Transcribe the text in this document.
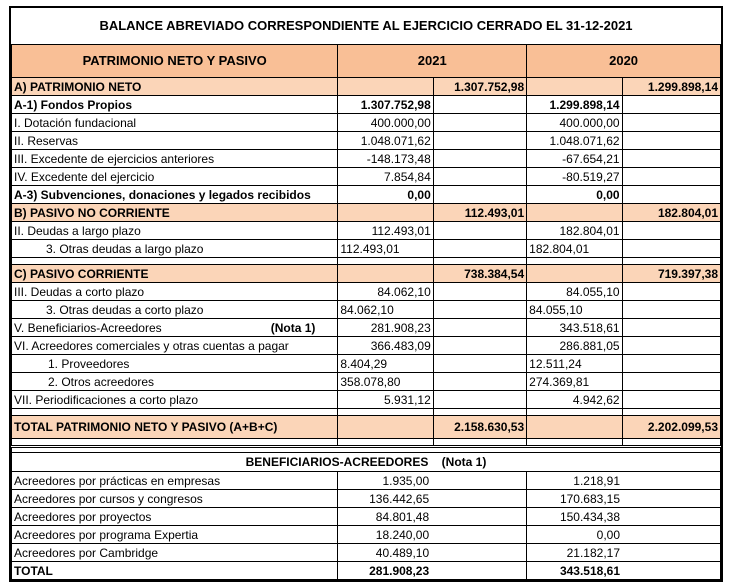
BALANCE ABREVIADO CORRESPONDIENTE AL EJERCICIO CERRADO EL 31-12-2021				
PATRIMONIO NETO Y PASIVO	2021		2020	
A) PATRIMONIO NETO		1.307.752,98		1.299.898,14
A-1) Fondos Propios	1.307.752,98		1.299.898,14	
I. Dotación fundacional	400.000,00		400.000,00	
II. Reservas	1.048.071,62		1.048.071,62	
III. Excedente de ejercicios anteriores	-148.173,48		-67.654,21	
IV. Excedente del ejercicio	7.854,84		-80.519,27	
A-3) Subvenciones, donaciones y legados recibidos	0,00		0,00	
B) PASIVO NO CORRIENTE		112.493,01		182.804,01
II. Deudas a largo plazo	112.493,01		182.804,01	
3. Otras deudas a largo plazo	112.493,01		182.804,01	

C) PASIVO CORRIENTE		738.384,54		719.397,38
III. Deudas a corto plazo	84.062,10		84.055,10	
3. Otras deudas a corto plazo	84.062,10		84.055,10	
V. Beneficiarios-Acreedores (Nota 1)	281.908,23		343.518,61	
VI. Acreedores comerciales y otras cuentas a pagar	366.483,09		286.881,05	
1. Proveedores	8.404,29		12.511,24	
2. Otros acreedores	358.078,80		274.369,81	
VII. Periodificaciones a corto plazo	5.931,12		4.942,62	

TOTAL PATRIMONIO NETO Y PASIVO (A+B+C)		2.158.630,53		2.202.099,53

BENEFICIARIOS-ACREEDORES (Nota 1)				
Acreedores por prácticas en empresas	1.935,00		1.218,91	
Acreedores por cursos y congresos	136.442,65		170.683,15	
Acreedores por proyectos	84.801,48		150.434,38	
Acreedores por programa Expertia	18.240,00		0,00	
Acreedores por Cambridge	40.489,10		21.182,17	
TOTAL	281.908,23		343.518,61	
